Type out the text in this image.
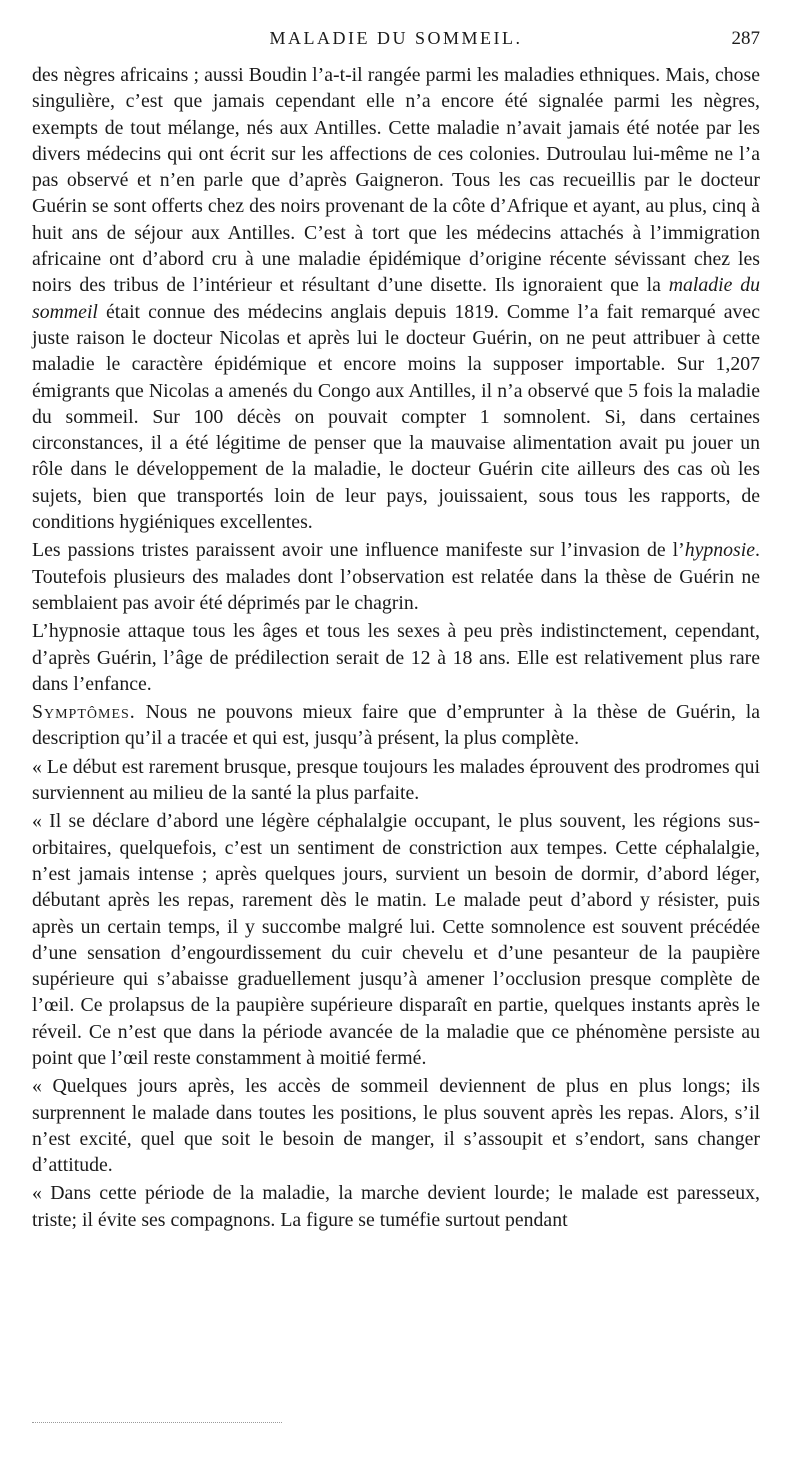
MALADIE DU SOMMEIL.	287

des nègres africains ; aussi Boudin l’a-t-il rangée parmi les maladies ethniques. Mais, chose singulière, c’est que jamais cependant elle n’a encore été signalée parmi les nègres, exempts de tout mélange, nés aux Antilles. Cette maladie n’avait jamais été notée par les divers médecins qui ont écrit sur les affections de ces colonies. Dutroulau lui-même ne l’a pas observé et n’en parle que d’après Gaigneron. Tous les cas recueillis par le docteur Guérin se sont offerts chez des noirs provenant de la côte d’Afrique et ayant, au plus, cinq à huit ans de séjour aux Antilles. C’est à tort que les médecins attachés à l’immigration africaine ont d’abord cru à une maladie épidémique d’origine récente sévissant chez les noirs des tribus de l’intérieur et résultant d’une disette. Ils ignoraient que la maladie du sommeil était connue des médecins anglais depuis 1819. Comme l’a fait remarqué avec juste raison le docteur Nicolas et après lui le docteur Guérin, on ne peut attribuer à cette maladie le caractère épidémique et encore moins la supposer importable. Sur 1,207 émigrants que Nicolas a amenés du Congo aux Antilles, il n’a observé que 5 fois la maladie du sommeil. Sur 100 décès on pouvait compter 1 somnolent. Si, dans certaines circonstances, il a été légitime de penser que la mauvaise alimentation avait pu jouer un rôle dans le développement de la maladie, le docteur Guérin cite ailleurs des cas où les sujets, bien que transportés loin de leur pays, jouissaient, sous tous les rapports, de conditions hygiéniques excellentes.

Les passions tristes paraissent avoir une influence manifeste sur l’invasion de l’hypnosie. Toutefois plusieurs des malades dont l’observation est relatée dans la thèse de Guérin ne semblaient pas avoir été déprimés par le chagrin.

L’hypnosie attaque tous les âges et tous les sexes à peu près indistinctement, cependant, d’après Guérin, l’âge de prédilection serait de 12 à 18 ans. Elle est relativement plus rare dans l’enfance.

Symptômes. Nous ne pouvons mieux faire que d’emprunter à la thèse de Guérin, la description qu’il a tracée et qui est, jusqu’à présent, la plus complète.

« Le début est rarement brusque, presque toujours les malades éprouvent des prodromes qui surviennent au milieu de la santé la plus parfaite.

« Il se déclare d’abord une légère céphalalgie occupant, le plus souvent, les régions sus-orbitaires, quelquefois, c’est un sentiment de constriction aux tempes. Cette céphalalgie, n’est jamais intense ; après quelques jours, survient un besoin de dormir, d’abord léger, débutant après les repas, rarement dès le matin. Le malade peut d’abord y résister, puis après un certain temps, il y succombe malgré lui. Cette somnolence est souvent précédée d’une sensation d’engourdissement du cuir chevelu et d’une pesanteur de la paupière supérieure qui s’abaisse graduellement jusqu’à amener l’occlusion presque complète de l’œil. Ce prolapsus de la paupière supérieure disparaît en partie, quelques instants après le réveil. Ce n’est que dans la période avancée de la maladie que ce phénomène persiste au point que l’œil reste constamment à moitié fermé.

« Quelques jours après, les accès de sommeil deviennent de plus en plus longs; ils surprennent le malade dans toutes les positions, le plus souvent après les repas. Alors, s’il n’est excité, quel que soit le besoin de manger, il s’assoupit et s’endort, sans changer d’attitude.

« Dans cette période de la maladie, la marche devient lourde; le malade est paresseux, triste; il évite ses compagnons. La figure se tuméfie surtout pendant
